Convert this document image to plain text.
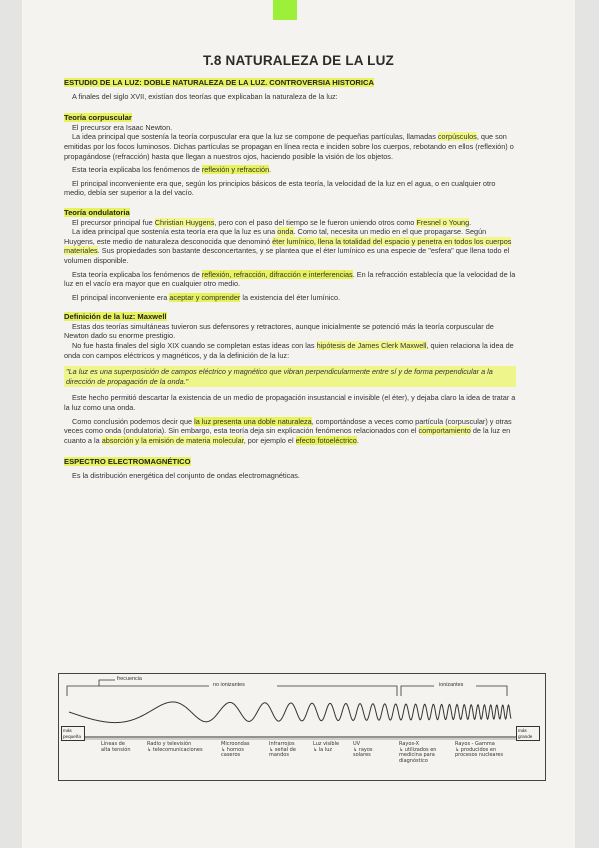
T.8 NATURALEZA DE LA LUZ

ESTUDIO DE LA LUZ: DOBLE NATURALEZA DE LA LUZ. CONTROVERSIA HISTORICA

A finales del siglo XVII, existían dos teorías que explicaban la naturaleza de la luz:

Teoría corpuscular

El precursor era Isaac Newton.

La idea principal que sostenía la teoría corpuscular era que la luz se compone de pequeñas partículas, llamadas corpúsculos, que son emitidas por los focos luminosos. Dichas partículas se propagan en línea recta e inciden sobre los cuerpos, rebotando en ellos (reflexión) o propagándose (refracción) hasta que llegan a nuestros ojos, haciendo posible la visión de los objetos.

Esta teoría explicaba los fenómenos de reflexión y refracción.

El principal inconveniente era que, según los principios básicos de esta teoría, la velocidad de la luz en el agua, o en cualquier otro medio, debía ser superior a la del vacío.

Teoría ondulatoria

El precursor principal fue Christian Huygens, pero con el paso del tiempo se le fueron uniendo otros como Fresnel o Young.

La idea principal que sostenía esta teoría era que la luz es una onda. Como tal, necesita un medio en el que propagarse. Según Huygens, este medio de naturaleza desconocida que denominó éter lumínico, llena la totalidad del espacio y penetra en todos los cuerpos materiales. Sus propiedades son bastante desconcertantes, y se plantea que el éter lumínico es una especie de "esfera" que llena todo el volumen disponible.

Esta teoría explicaba los fenómenos de reflexión, refracción, difracción e interferencias. En la refracción establecía que la velocidad de la luz en el vacío era mayor que en cualquier otro medio.

El principal inconveniente era aceptar y comprender la existencia del éter lumínico.

Definición de la luz: Maxwell

Estas dos teorías simultáneas tuvieron sus defensores y retractores, aunque inicialmente se potenció más la teoría corpuscular de Newton dado su enorme prestigio.

No fue hasta finales del siglo XIX cuando se completan estas ideas con las hipótesis de James Clerk Maxwell, quien relaciona la idea de onda con campos eléctricos y magnéticos, y da la definición de la luz:

"La luz es una superposición de campos eléctrico y magnético que vibran perpendicularmente entre sí y de forma perpendicular a la dirección de propagación de la onda."

Este hecho permitió descartar la existencia de un medio de propagación insustancial e invisible (el éter), y dejaba claro la idea de tratar a la luz como una onda.

Como conclusión podemos decir que la luz presenta una doble naturaleza, comportándose a veces como partícula (corpuscular) y otras veces como onda (ondulatoria). Sin embargo, esta teoría deja sin explicación fenómenos relacionados con el comportamiento de la luz en cuanto a la absorción y la emisión de materia molecular, por ejemplo el efecto fotoeléctrico.

ESPECTRO ELECTROMAGNÉTICO

Es la distribución energética del conjunto de ondas electromagnéticas.

frecuencia
no ionizantes	ionizantes
más pequeña
más grande
Líneas de alta tensión
Radio y televisión
↳ telecomunicaciones
Microondas
↳ hornos caseros
Infrarrojos
↳ señal de mandos
Luz visible
↳ la luz
UV
↳ rayos solares
Rayos-X
↳ utilizados en medicina para diagnóstico
Rayos - Gamma
↳ producidos en procesos nucleares
